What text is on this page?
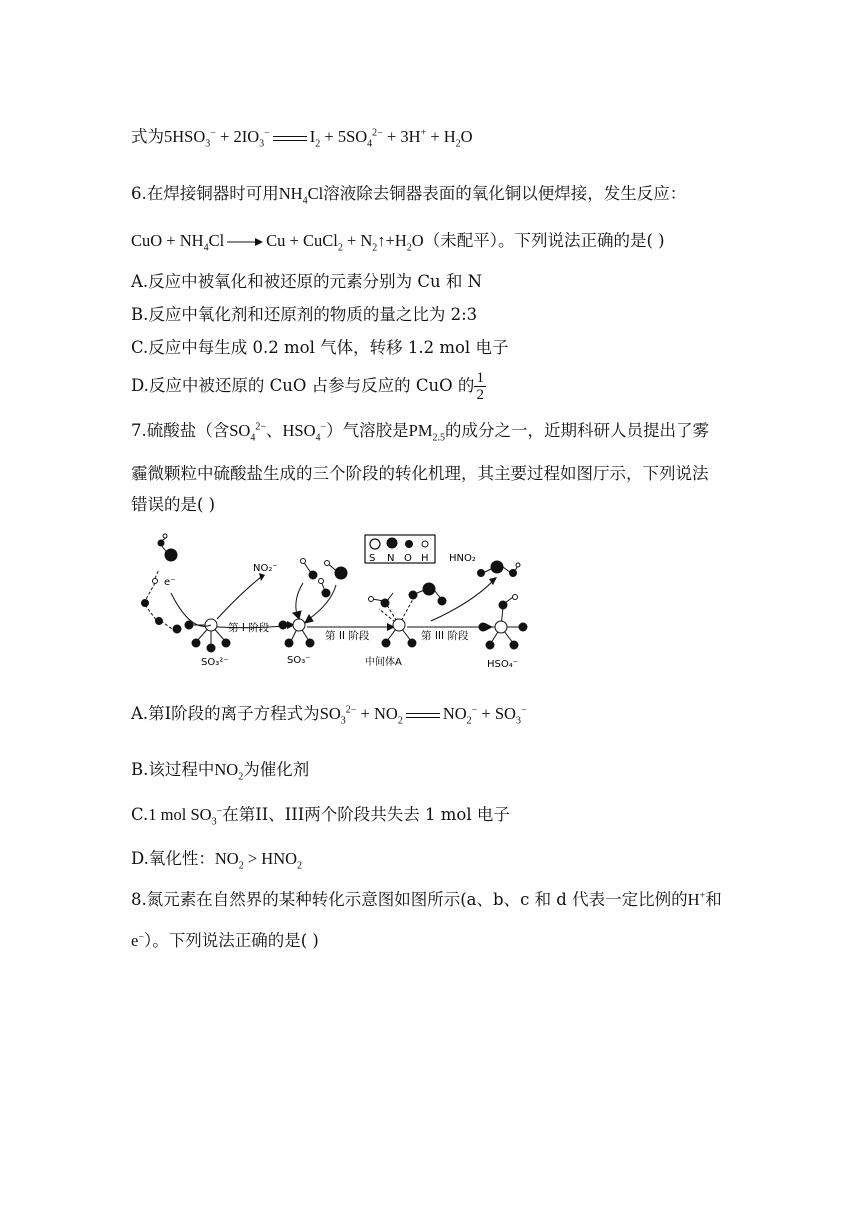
式为$5HSO_3^- + 2IO_3^-$ $I_2 + 5SO_4^{2-} + 3H^+ + H_2O$
6.在焊接铜器时可用$NH_4Cl$溶液除去铜器表面的氧化铜以便焊接，发生反应：
CuO + $NH_4Cl \to Cu$ + CuCl$_2$ + $N_2↑+H_2O$（未配平）。下列说法正确的是( )
A.反应中被氧化和被还原的元素分别为 Cu 和 N
B.反应中氧化剂和还原剂的物质的量之比为 2:3
C.反应中每生成 0.2 mol 气体，转移 1.2 mol 电子
D.反应中被还原的 CuO 占参与反应的 CuO 的 $\frac{1}{2}$
7.硫酸盐（含$SO_4^{2-}$、$HSO_4^-$）气溶胶是$PM_{2.5}$的成分之一，近期科研人员提出了雾
霾微颗粒中硫酸盐生成的三个阶段的转化机理，其主要过程如图厅示，下列说法
错误的是( )
S N O H
e⁻
SO₃²⁻
NO₂⁻
第 I 阶段
SO₃⁻
第 II 阶段
中间体A
第 III 阶段
HNO₂
HSO₄⁻
A.第Ⅰ阶段的离子方程式为$SO_3^{2-} + NO_2$ $NO_2^- + SO_3^-$
B.该过程中$NO_2$为催化剂
C.1 mol $SO_3^-$在第II、III两个阶段共失去 1 mol 电子
D.氧化性：$NO_2 > HNO_2$
8.氮元素在自然界的某种转化示意图如图所示(a、b、c 和 d 代表一定比例的H+和
e−）。下列说法正确的是( )
